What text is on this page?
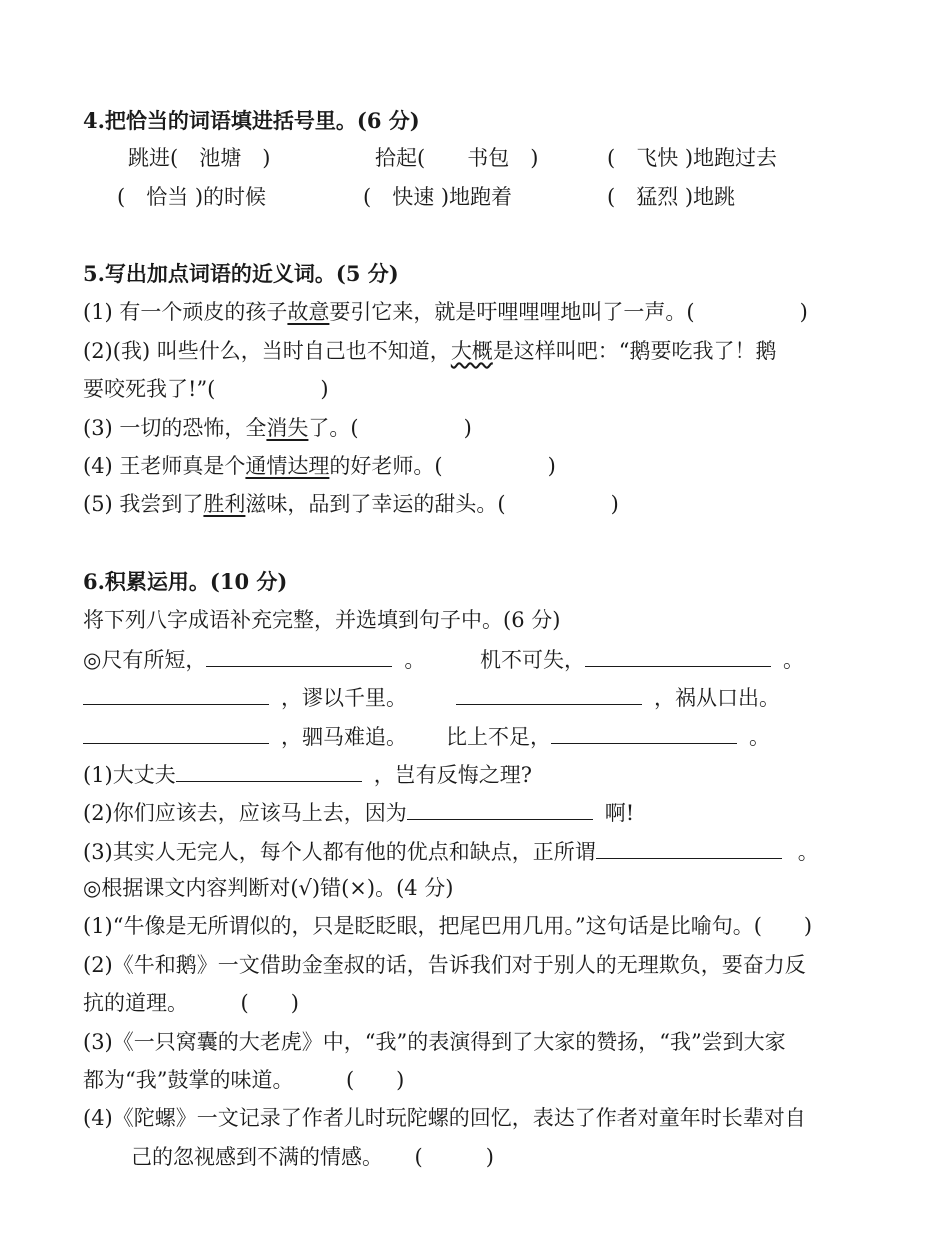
4.把恰当的词语填进括号里。(6 分)
跳进(　池塘　)	拾起(　　书包　)	(　飞快 )地跑过去
(　恰当 )的时候	(　快速 )地跑着	(　猛烈 )地跳
5.写出加点词语的近义词。(5 分)
(1) 有一个顽皮的孩子故意要引它来，就是吁哩哩哩地叫了一声。(　　　　　)
(2)(我) 叫些什么，当时自己也不知道，大概是这样叫吧：“鹅要吃我了！鹅
要咬死我了!”(　　　　　)
(3) 一切的恐怖，全消失了。(　　　　　)
(4) 王老师真是个通情达理的好老师。(　　　　　)
(5) 我尝到了胜利滋味，品到了幸运的甜头。(　　　　　)
6.积累运用。(10 分)
将下列八字成语补充完整，并选填到句子中。(6 分)
◎尺有所短，	。	机不可失，	。
，谬以千里。	，祸从口出。
，驷马难追。 比上不足，	。
(1)大丈夫	，岂有反悔之理?
(2)你们应该去，应该马上去，因为	啊!
(3)其实人无完人，每个人都有他的优点和缺点，正所谓	。
◎根据课文内容判断对(√)错(×)。(4 分)
(1)“牛像是无所谓似的，只是眨眨眼，把尾巴用几用。”这句话是比喻句。(　　)
(2)《牛和鹅》一文借助金奎叔的话，告诉我们对于别人的无理欺负，要奋力反
抗的道理。　　　(　　)
(3)《一只窝囊的大老虎》中，“我”的表演得到了大家的赞扬，“我”尝到大家
都为“我”鼓掌的味道。　　　(　　)
(4)《陀螺》一文记录了作者儿时玩陀螺的回忆，表达了作者对童年时长辈对自
己的忽视感到不满的情感。　　(　　　)
